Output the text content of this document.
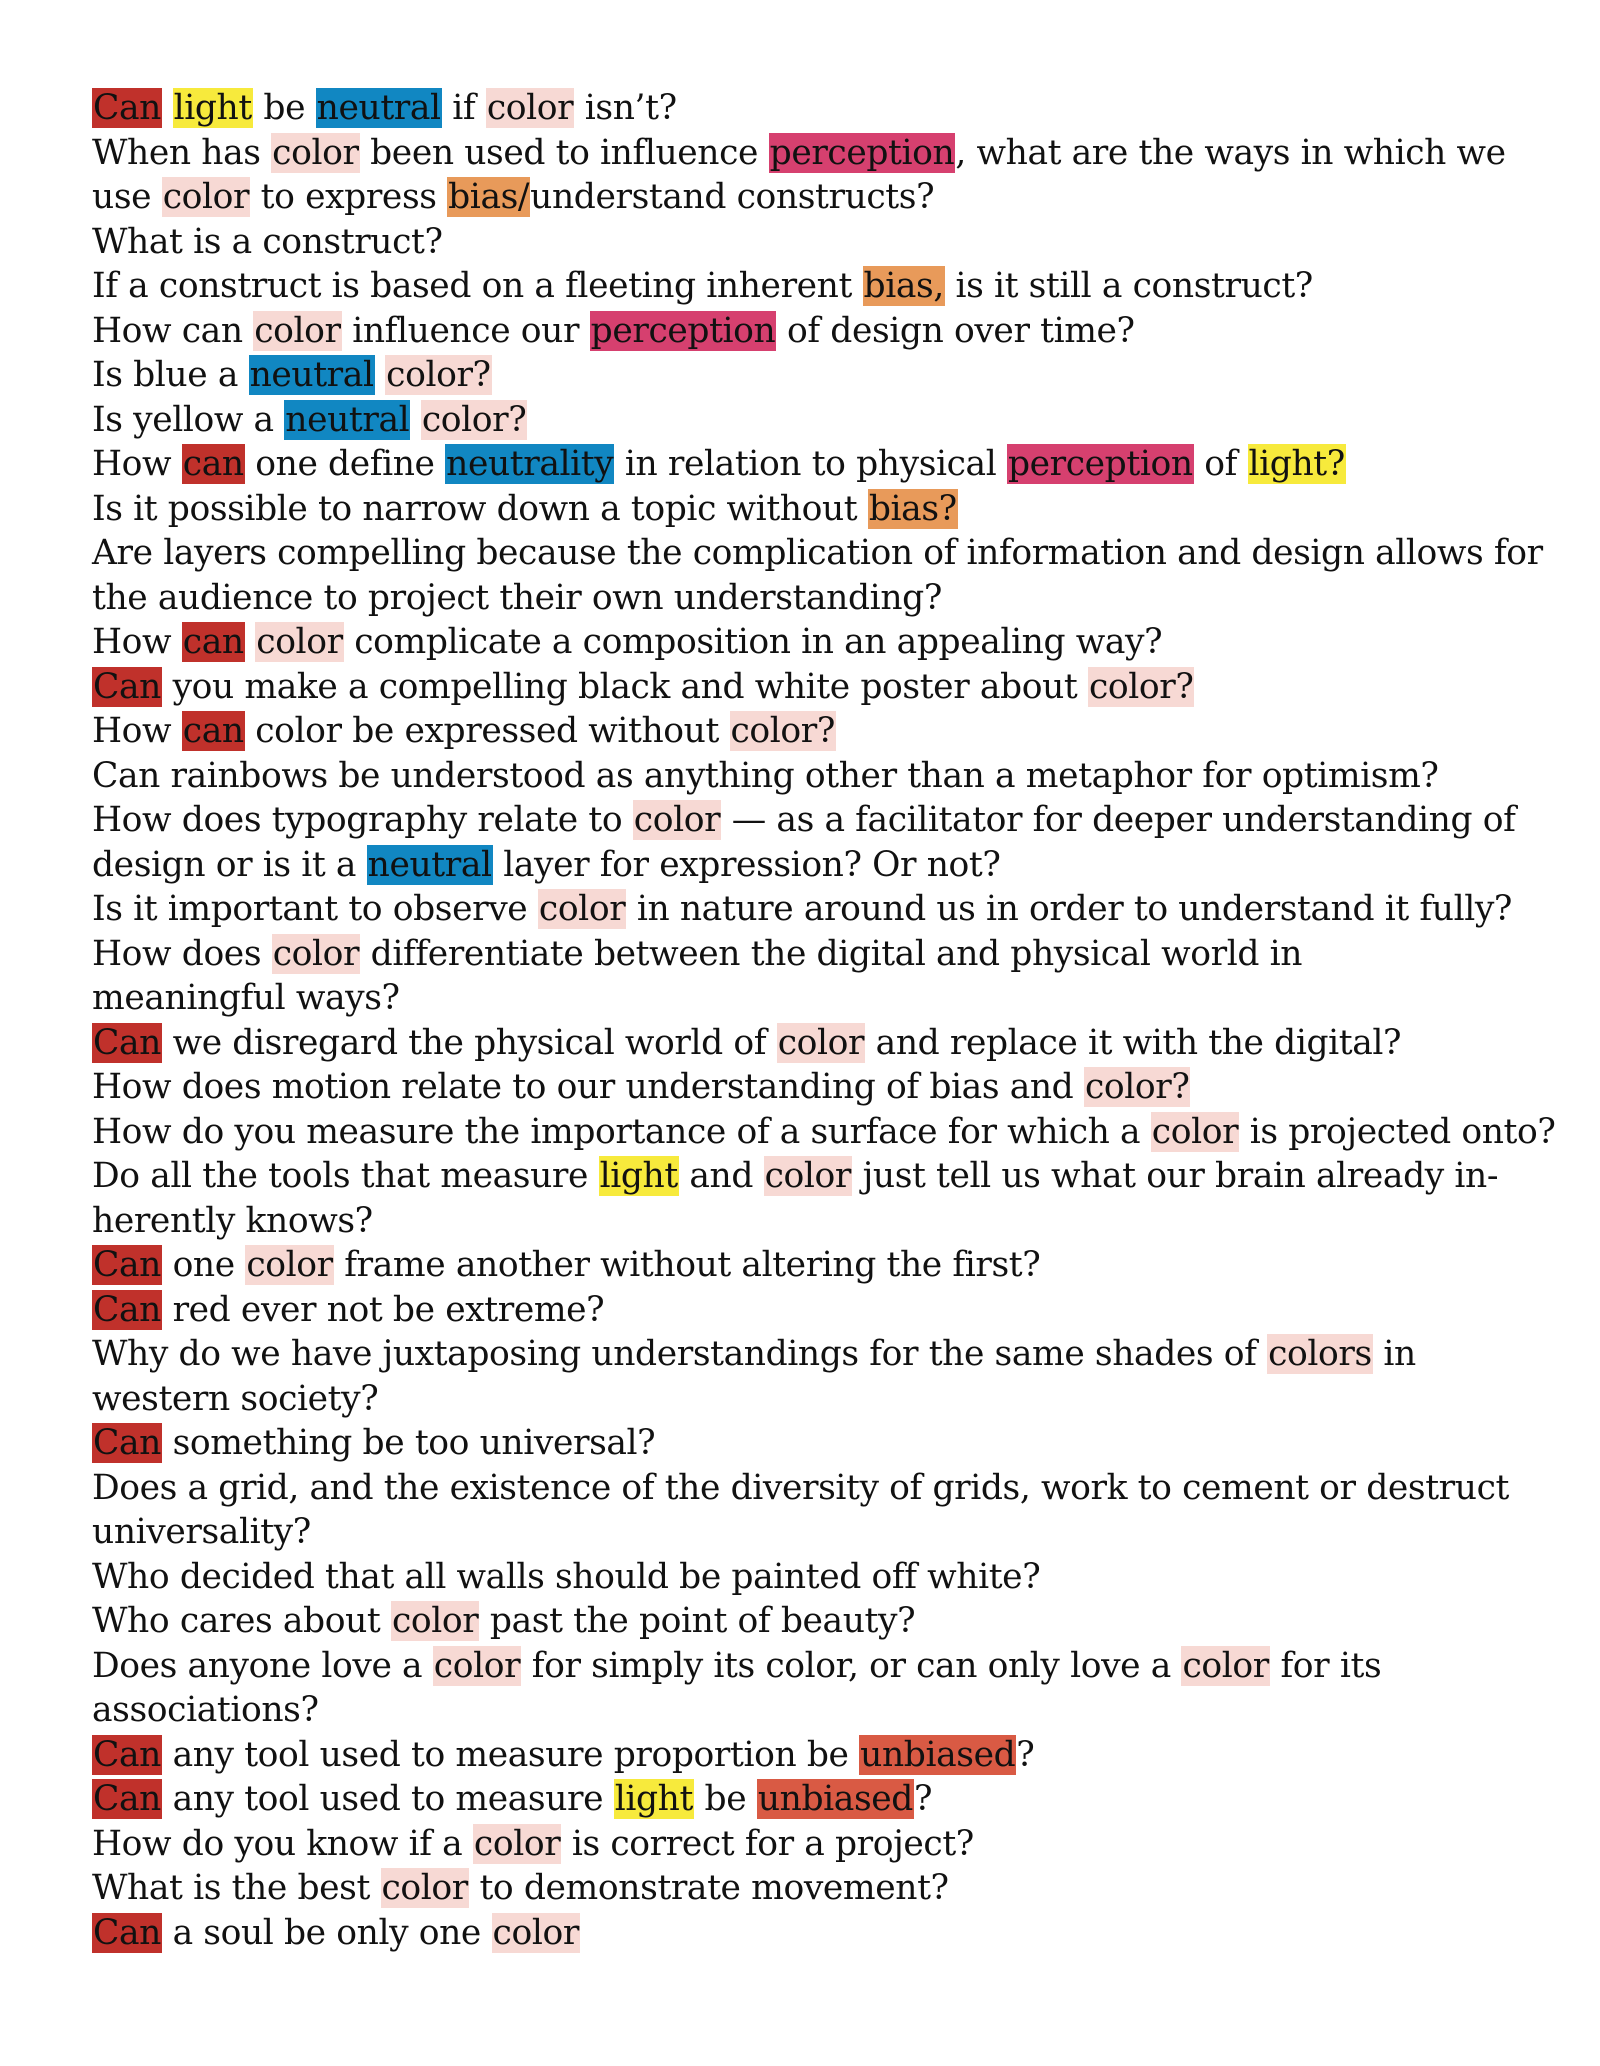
Can light be neutral if color isn’t?
When has color been used to influence perception, what are the ways in which we
use color to express bias/understand constructs?
What is a construct?
If a construct is based on a fleeting inherent bias, is it still a construct?
How can color influence our perception of design over time?
Is blue a neutral color?
Is yellow a neutral color?
How can one define neutrality in relation to physical perception of light?
Is it possible to narrow down a topic without bias?
Are layers compelling because the complication of information and design allows for
the audience to project their own understanding?
How can color complicate a composition in an appealing way?
Can you make a compelling black and white poster about color?
How can color be expressed without color?
Can rainbows be understood as anything other than a metaphor for optimism?
How does typography relate to color — as a facilitator for deeper understanding of
design or is it a neutral layer for expression? Or not?
Is it important to observe color in nature around us in order to understand it fully?
How does color differentiate between the digital and physical world in
meaningful ways?
Can we disregard the physical world of color and replace it with the digital?
How does motion relate to our understanding of bias and color?
How do you measure the importance of a surface for which a color is projected onto?
Do all the tools that measure light and color just tell us what our brain already in-
herently knows?
Can one color frame another without altering the first?
Can red ever not be extreme?
Why do we have juxtaposing understandings for the same shades of colors in
western society?
Can something be too universal?
Does a grid, and the existence of the diversity of grids, work to cement or destruct
universality?
Who decided that all walls should be painted off white?
Who cares about color past the point of beauty?
Does anyone love a color for simply its color, or can only love a color for its
associations?
Can any tool used to measure proportion be unbiased?
Can any tool used to measure light be unbiased?
How do you know if a color is correct for a project?
What is the best color to demonstrate movement?
Can a soul be only one color
